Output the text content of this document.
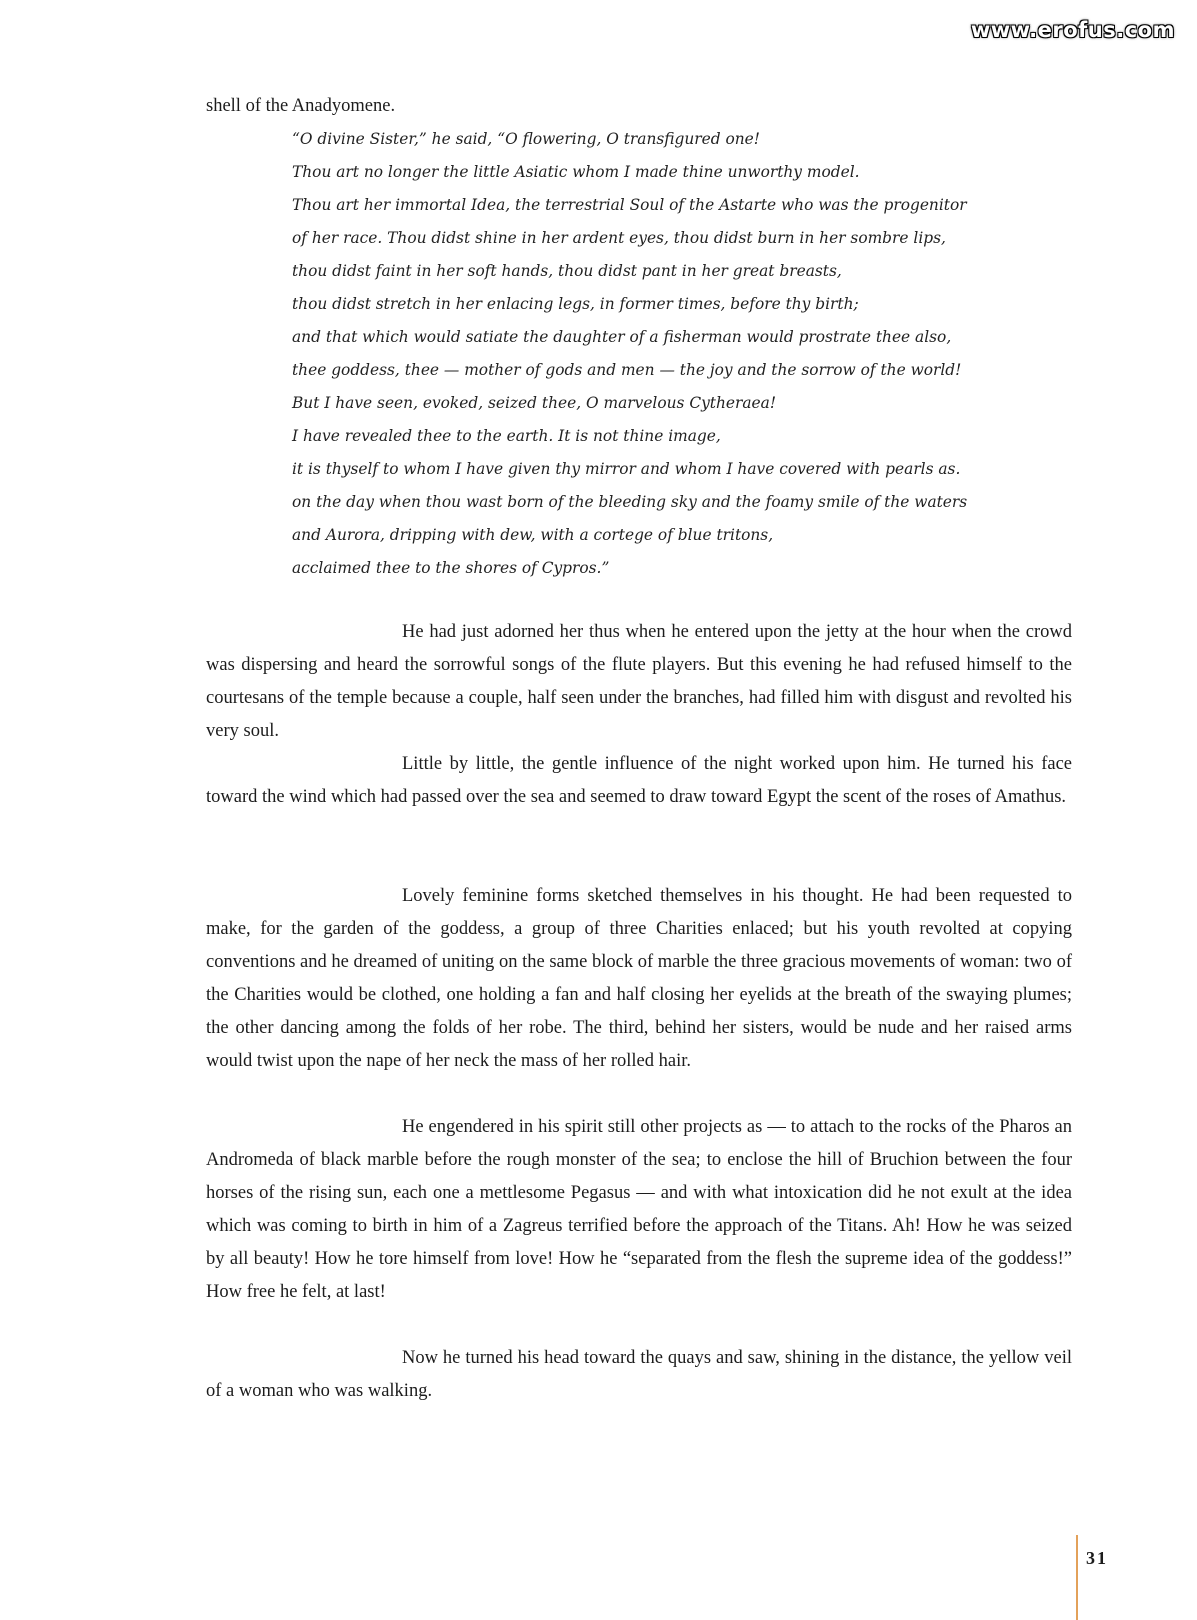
www.erofus.com

shell of the Anadyomene.

“O divine Sister,” he said, “O flowering, O transfigured one!
Thou art no longer the little Asiatic whom I made thine unworthy model.
Thou art her immortal Idea, the terrestrial Soul of the Astarte who was the progenitor
of her race. Thou didst shine in her ardent eyes, thou didst burn in her sombre lips,
thou didst faint in her soft hands, thou didst pant in her great breasts,
thou didst stretch in her enlacing legs, in former times, before thy birth;
and that which would satiate the daughter of a fisherman would prostrate thee also,
thee goddess, thee — mother of gods and men — the joy and the sorrow of the world!
But I have seen, evoked, seized thee, O marvelous Cytheraea!
I have revealed thee to the earth. It is not thine image,
it is thyself to whom I have given thy mirror and whom I have covered with pearls as.
on the day when thou wast born of the bleeding sky and the foamy smile of the waters
and Aurora, dripping with dew, with a cortege of blue tritons,
acclaimed thee to the shores of Cypros.”

He had just adorned her thus when he entered upon the jetty at the hour when the crowd was dispersing and heard the sorrowful songs of the flute players. But this evening he had refused himself to the courtesans of the temple because a couple, half seen under the branches, had filled him with disgust and revolted his very soul.

Little by little, the gentle influence of the night worked upon him. He turned his face toward the wind which had passed over the sea and seemed to draw toward Egypt the scent of the roses of Amathus.

Lovely feminine forms sketched themselves in his thought. He had been requested to make, for the garden of the goddess, a group of three Charities enlaced; but his youth revolted at copying conventions and he dreamed of uniting on the same block of marble the three gracious movements of woman: two of the Charities would be clothed, one holding a fan and half closing her eyelids at the breath of the swaying plumes; the other dancing among the folds of her robe. The third, behind her sisters, would be nude and her raised arms would twist upon the nape of her neck the mass of her rolled hair.

He engendered in his spirit still other projects as — to attach to the rocks of the Pharos an Andromeda of black marble before the rough monster of the sea; to enclose the hill of Bruchion between the four horses of the rising sun, each one a mettlesome Pegasus — and with what intoxication did he not exult at the idea which was coming to birth in him of a Zagreus terrified before the approach of the Titans. Ah! How he was seized by all beauty! How he tore himself from love! How he “separated from the flesh the supreme idea of the goddess!” How free he felt, at last!

Now he turned his head toward the quays and saw, shining in the distance, the yellow veil of a woman who was walking.

31
